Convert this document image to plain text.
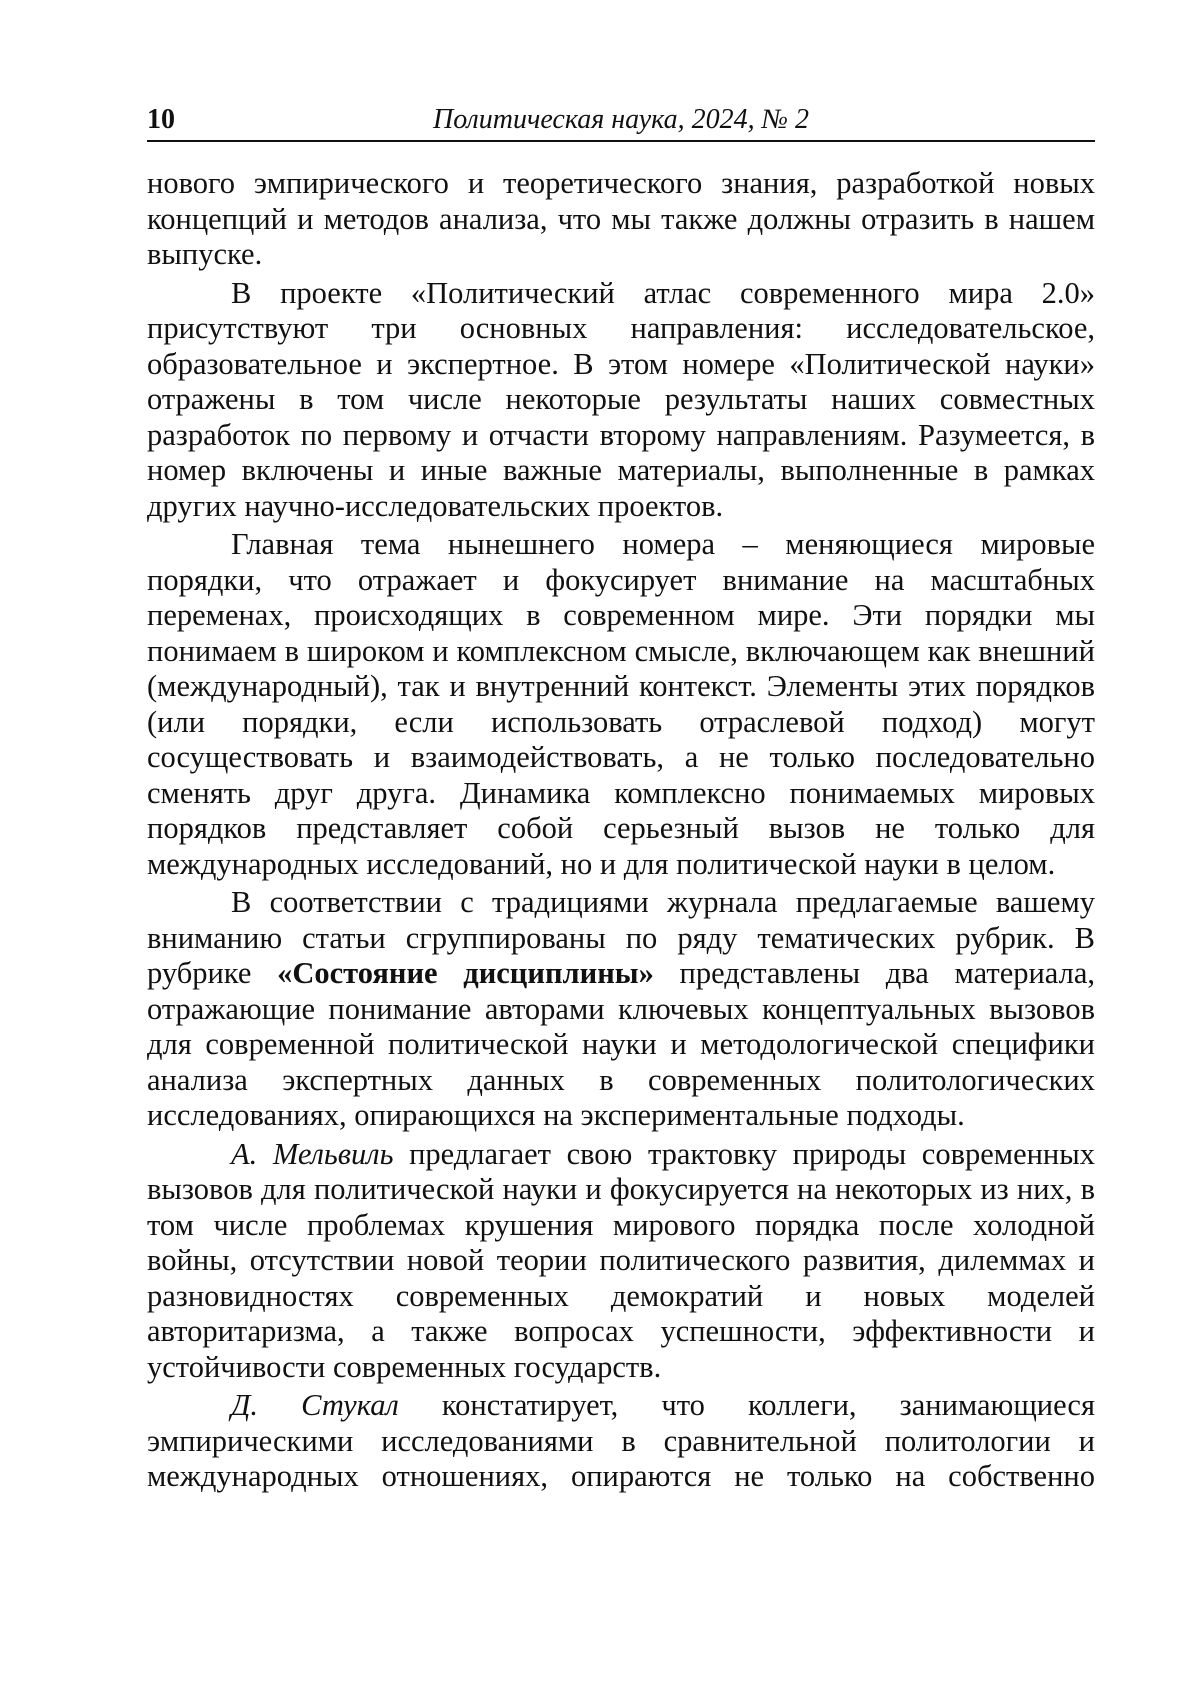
10	Политическая наука, 2024, № 2

нового эмпирического и теоретического знания, разработкой новых концепций и методов анализа, что мы также должны отразить в нашем выпуске.

В проекте «Политический атлас современного мира 2.0» присутствуют три основных направления: исследовательское, образовательное и экспертное. В этом номере «Политической науки» отражены в том числе некоторые результаты наших совместных разработок по первому и отчасти второму направлениям. Разумеется, в номер включены и иные важные материалы, выполненные в рамках других научно-исследовательских проектов.

Главная тема нынешнего номера – меняющиеся мировые порядки, что отражает и фокусирует внимание на масштабных переменах, происходящих в современном мире. Эти порядки мы понимаем в широком и комплексном смысле, включающем как внешний (международный), так и внутренний контекст. Элементы этих порядков (или порядки, если использовать отраслевой подход) могут сосуществовать и взаимодействовать, а не только последовательно сменять друг друга. Динамика комплексно понимаемых мировых порядков представляет собой серьезный вызов не только для международных исследований, но и для политической науки в целом.

В соответствии с традициями журнала предлагаемые вашему вниманию статьи сгруппированы по ряду тематических рубрик. В рубрике «Состояние дисциплины» представлены два материала, отражающие понимание авторами ключевых концептуальных вызовов для современной политической науки и методологической специфики анализа экспертных данных в современных политологических исследованиях, опирающихся на экспериментальные подходы.

А. Мельвиль предлагает свою трактовку природы современных вызовов для политической науки и фокусируется на некоторых из них, в том числе проблемах крушения мирового порядка после холодной войны, отсутствии новой теории политического развития, дилеммах и разновидностях современных демократий и новых моделей авторитаризма, а также вопросах успешности, эффективности и устойчивости современных государств.

Д. Стукал констатирует, что коллеги, занимающиеся эмпирическими исследованиями в сравнительной политологии и международных отношениях, опираются не только на собственно
